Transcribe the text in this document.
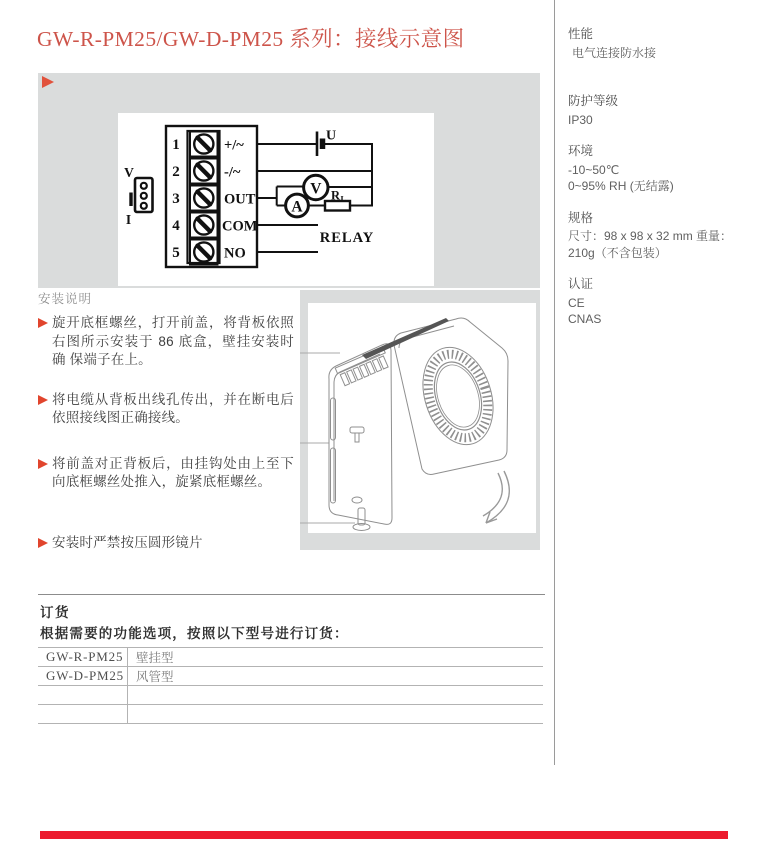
GW-R-PM25/GW-D-PM25 系列：接线示意图
1
2
3
4
5
+/~
-/~
OUT
COM
NO
U
V
A
R L
RELAY
V
I
安装说明
旋开底框螺丝，打开前盖，将背板依照右图所示安装于 86 底盒，壁挂安装时确 保端子在上。
将电缆从背板出线孔传出，并在断电后依照接线图正确接线。
将前盖对正背板后，由挂钩处由上至下向底框螺丝处推入，旋紧底框螺丝。
安装时严禁按压圆形镜片
性能
电气连接防水接
防护等级
IP30
环境
-10~50℃
0~95% RH (无结露)
规格
尺寸：98 x 98 x 32 mm 重量：
210g（不含包装）
认证
CE
CNAS
订货
根据需要的功能选项，按照以下型号进行订货：
GW-R-PM25	壁挂型
GW-D-PM25	风管型
